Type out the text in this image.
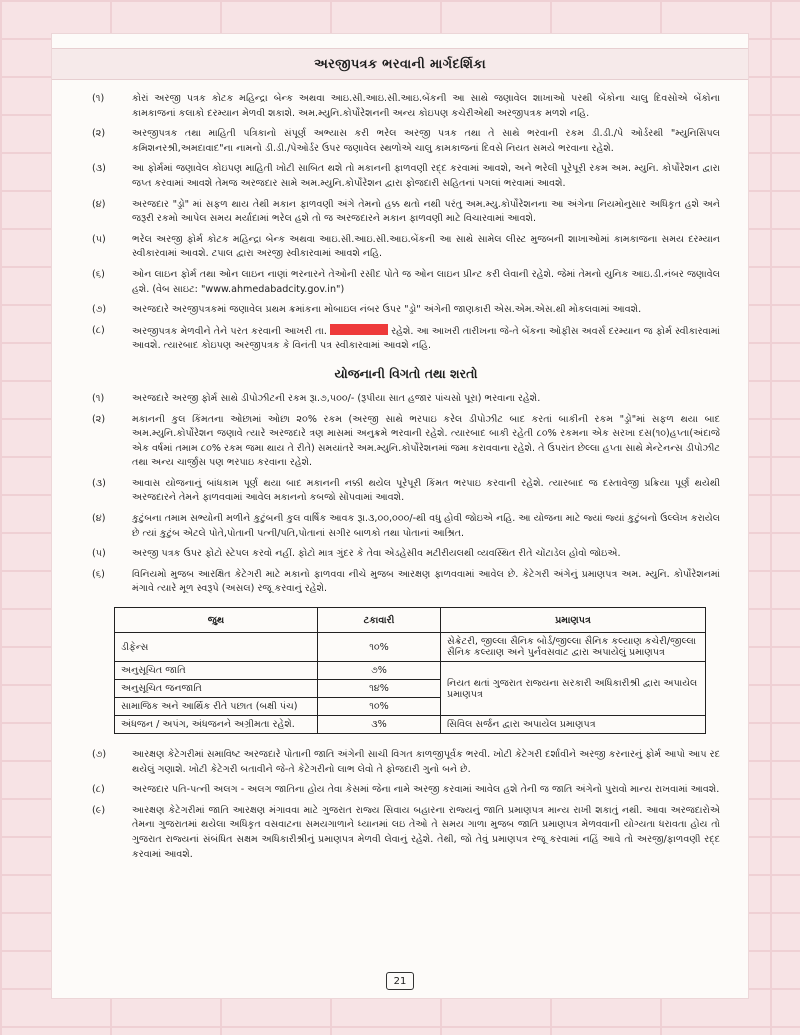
અરજીપત્રક ભરવાની માર્ગદર્શિકા
(૧)	કોરાં અરજી પત્રક કોટક મહિન્દ્રા બેન્ક અથવા આઇ.સી.આઇ.સી.આઇ.બેંકની આ સાથે જણાવેલ શાખાઓ પરથી બેંકોના ચાલુ દિવસોએ બેંકોના કામકાજનાં કલાકો દરમ્યાન મેળવી શકાશે. અમ.મ્યુનિ.કોર્પોરેશનની અન્ય કોઇપણ કચેરીએથી અરજીપત્રક મળશે નહિ.
(૨)	અરજીપત્રક તથા માહિતી પત્રિકાનો સંપૂર્ણ અભ્યાસ કરી ભરેલ અરજી પત્રક તથા તે સાથે ભરવાની રકમ ડી.ડી./પે ઓર્ડરથી "મ્યુનિસિપલ કમિશનરશ્રી,અમદાવાદ"ના નામનો ડી.ડી./પેઓર્ડર ઉપર જણાવેલ સ્થળોએ ચાલુ કામકાજનાં દિવસે નિયત સમયે ભરવાના રહેશે.
(૩)	આ ફોર્મમાં જણાવેલ કોઇપણ માહિતી ખોટી સાબિત થશે તો મકાનની ફાળવણી રદ્દ કરવામાં આવશે, અને ભરેલી પૂરેપૂરી રકમ અમ. મ્યુનિ. કોર્પોરેશન દ્વારા જપ્ત કરવામાં આવશે તેમજ અરજદાર સામે અમ.મ્યુનિ.કોર્પોરેશન દ્વારા ફોજદારી સહિતનાં પગલાં ભરવામાં આવશે.
(૪)	અરજદાર "ડ્રો" માં સફળ થાય તેથી મકાન ફાળવણી અંગે તેમનો હક્ક થતો નથી પરંતુ અમ.મ્યુ.કોર્પોરેશનના આ અંગેના નિયમોનુસાર અધિકૃત હશે અને જરૂરી રકમો આપેલ સમય મર્યાદામાં ભરેલ હશે તો જ અરજદારને મકાન ફાળવણી માટે વિચારવામાં આવશે.
(૫)	ભરેલ અરજી ફોર્મ કોટક મહિન્દ્રા બેન્ક અથવા આઇ.સી.આઇ.સી.આઇ.બેંકની આ સાથે સામેલ લીસ્ટ મુજબની શાખાઓમાં કામકાજના સમય દરમ્યાન સ્વીકારવામાં આવશે. ટપાલ દ્વારા અરજી સ્વીકારવામાં આવશે નહિ.
(૬)	ઓન લાઇન ફોર્મ તથા ઓન લાઇન નાણાં ભરનારને તેઓની રસીદ પોતે જ ઓન લાઇન પ્રીન્ટ કરી લેવાની રહેશે. જેમાં તેમનો યુનિક આઇ.ડી.નંબર જણાવેલ હશે. (વેબ સાઇટ: "www.ahmedabadcity.gov.in")
(૭)	અરજદારે અરજીપત્રકમાં જણાવેલ પ્રથમ ક્રમાંકના મોબાઇલ નંબર ઉપર "ડ્રો" અંગેની જાણકારી એસ.એમ.એસ.થી મોકલવામાં આવશે.
(૮)	અરજીપત્રક મેળવીને તેને પરત કરવાની આખરી તા.	રહેશે. આ આખરી તારીખના જે-તે બેંકના ઓફીસ અવર્સ દરમ્યાન જ ફોર્મ સ્વીકારવામાં આવશે. ત્યારબાદ કોઇપણ અરજીપત્રક કે વિનંતી પત્ર સ્વીકારવામાં આવશે નહિ.
યોજનાની વિગતો તથા શરતો
(૧)	અરજદારે અરજી ફોર્મ સાથે ડીપોઝીટની રકમ રૂા.૭,૫૦૦/- (રૂપીયા સાત હજાર પાંચસો પૂરા) ભરવાના રહેશે.
(૨)	મકાનની કુલ કિંમતના ઓછામાં ઓછા ૨૦% રકમ (અરજી સાથે ભરપાઇ કરેલ ડીપોઝીટ બાદ કરતાં બાકીની રકમ "ડ્રો"માં સફળ થયા બાદ અમ.મ્યુનિ.કોર્પોરેશન જણાવે ત્યારે અરજદારે ત્રણ માસમાં અનુક્રમે ભરવાની રહેશે. ત્યારબાદ બાકી રહેતી ૮૦% રકમના એક સરખા દસ(૧૦)હપ્તા(અંદાજે એક વર્ષમાં તમામ ૮૦% રકમ જમા થાય તે રીતે) સમયાંતરે અમ.મ્યુનિ.કોર્પોરેશનમાં જમા કરાવવાના રહેશે. તે ઉપરાંત છેલ્લા હપ્તા સાથે મેન્ટેનન્સ ડીપોઝીટ તથા અન્ય ચાર્જીસ પણ ભરપાઇ કરવાના રહેશે.
(૩)	આવાસ યોજનાનું બાંધકામ પૂર્ણ થયા બાદ મકાનની નક્કી થયેલ પૂરેપૂરી કિંમત ભરપાઇ કરવાની રહેશે. ત્યારબાદ જ દસ્તાવેજી પ્રક્રિયા પૂર્ણ થયેથી અરજદારને તેમને ફાળવવામાં આવેલ મકાનનો કબજો સોંપવામાં આવશે.
(૪)	કુટુંબના તમામ સભ્યોની મળીને કુટુંબની કુલ વાર્ષિક આવક રૂા.૩,૦૦,૦૦૦/-થી વધુ હોવી જોઇએ નહિ. આ યોજના માટે જ્યાં જ્યાં કુટુંબનો ઉલ્લેખ કરાયેલ છે ત્યાં કુટુંબ એટલે પોતે,પોતાની પત્ની/પતિ,પોતાનાં સગીર બાળકો તથા પોતાનાં આશ્રિત.
(૫)	અરજી પત્રક ઉપર ફોટો સ્ટેપલ કરવો નહીં. ફોટો માત્ર ગુંદર કે તેવા એડહેસીવ મટીરીયલથી વ્યવસ્થિત રીતે ચોંટાડેલ હોવો જોઇએ.
(૬)	વિનિયમો મુજબ આરક્ષિત કેટેગરી માટે મકાનો ફાળવવા નીચે મુજબ આરક્ષણ ફાળવવામાં આવેલ છે. કેટેગરી અંગેનું પ્રમાણપત્ર અમ. મ્યુનિ. કોર્પોરેશનમાં મંગાવે ત્યારે મૂળ સ્વરૂપે (અસલ) રજૂ કરવાનું રહેશે.
જુથ	ટકાવારી	પ્રમાણપત્ર
ડીફેન્સ	૧૦%	સેક્રેટરી, જીલ્લા સૈનિક બોર્ડ/જીલ્લા સૈનિક કલ્યાણ કચેરી/જીલ્લા સૈનિક કલ્યાણ અને પુર્નવસવાટ દ્વારા અપાયેલું પ્રમાણપત્ર
અનુસૂચિત જાતિ	૭%	નિયત થતાં ગુજરાત રાજ્યના સરકારી અધિકારીશ્રી દ્વારા અપાયેલ પ્રમાણપત્ર
અનુસૂચિત જનજાતિ	૧૪%	
સામાજિક અને આર્થિક રીતે પછાત (બક્ષી પંચ)	૧૦%	
અંધજન / અપંગ, અંધજનને અગ્રીમતા રહેશે.	૩%	સિવિલ સર્જન દ્વારા અપાયેલ પ્રમાણપત્ર
(૭)	આરક્ષણ કેટેગરીમાં સમાવિષ્ટ અરજદારે પોતાની જાતિ અંગેની સાચી વિગત કાળજીપૂર્વક ભરવી. ખોટી કેટેગરી દર્શાવીને અરજી કરનારનું ફોર્મ આપો આપ રદ થયેલું ગણાશે. ખોટી કેટેગરી બતાવીને જે-તે કેટેગરીનો લાભ લેવો તે ફોજદારી ગુનો બને છે.
(૮)	અરજદાર પતિ-પત્ની અલગ - અલગ જાતિના હોય તેવા કેસમાં જેના નામે અરજી કરવામાં આવેલ હશે તેની જ જાતિ અંગેનો પુરાવો માન્ય રાખવામાં આવશે.
(૯)	આરક્ષણ કેટેગરીમાં જાતિ આરક્ષણ મંગાવવા માટે ગુજરાત રાજ્ય સિવાય બહારના રાજ્યનું જાતિ પ્રમાણપત્ર માન્ય રાખી શકાતું નથી. આવા અરજદારોએ તેમના ગુજરાતમાં થયેલા અધિકૃત વસવાટના સમયગાળાને ધ્યાનમાં લઇ તેઓ તે સમય ગાળા મુજબ જાતિ પ્રમાણપત્ર મેળવવાની યોગ્યતા ધરાવતા હોય તો ગુજરાત રાજ્યનાં સંબંધિત સક્ષમ અધિકારીશ્રીનું પ્રમાણપત્ર મેળવી લેવાનું રહેશે. તેથી, જો તેવું પ્રમાણપત્ર રજૂ કરવામાં નહિં આવે તો અરજી/ફાળવણી રદ્દ કરવામાં આવશે.
21
